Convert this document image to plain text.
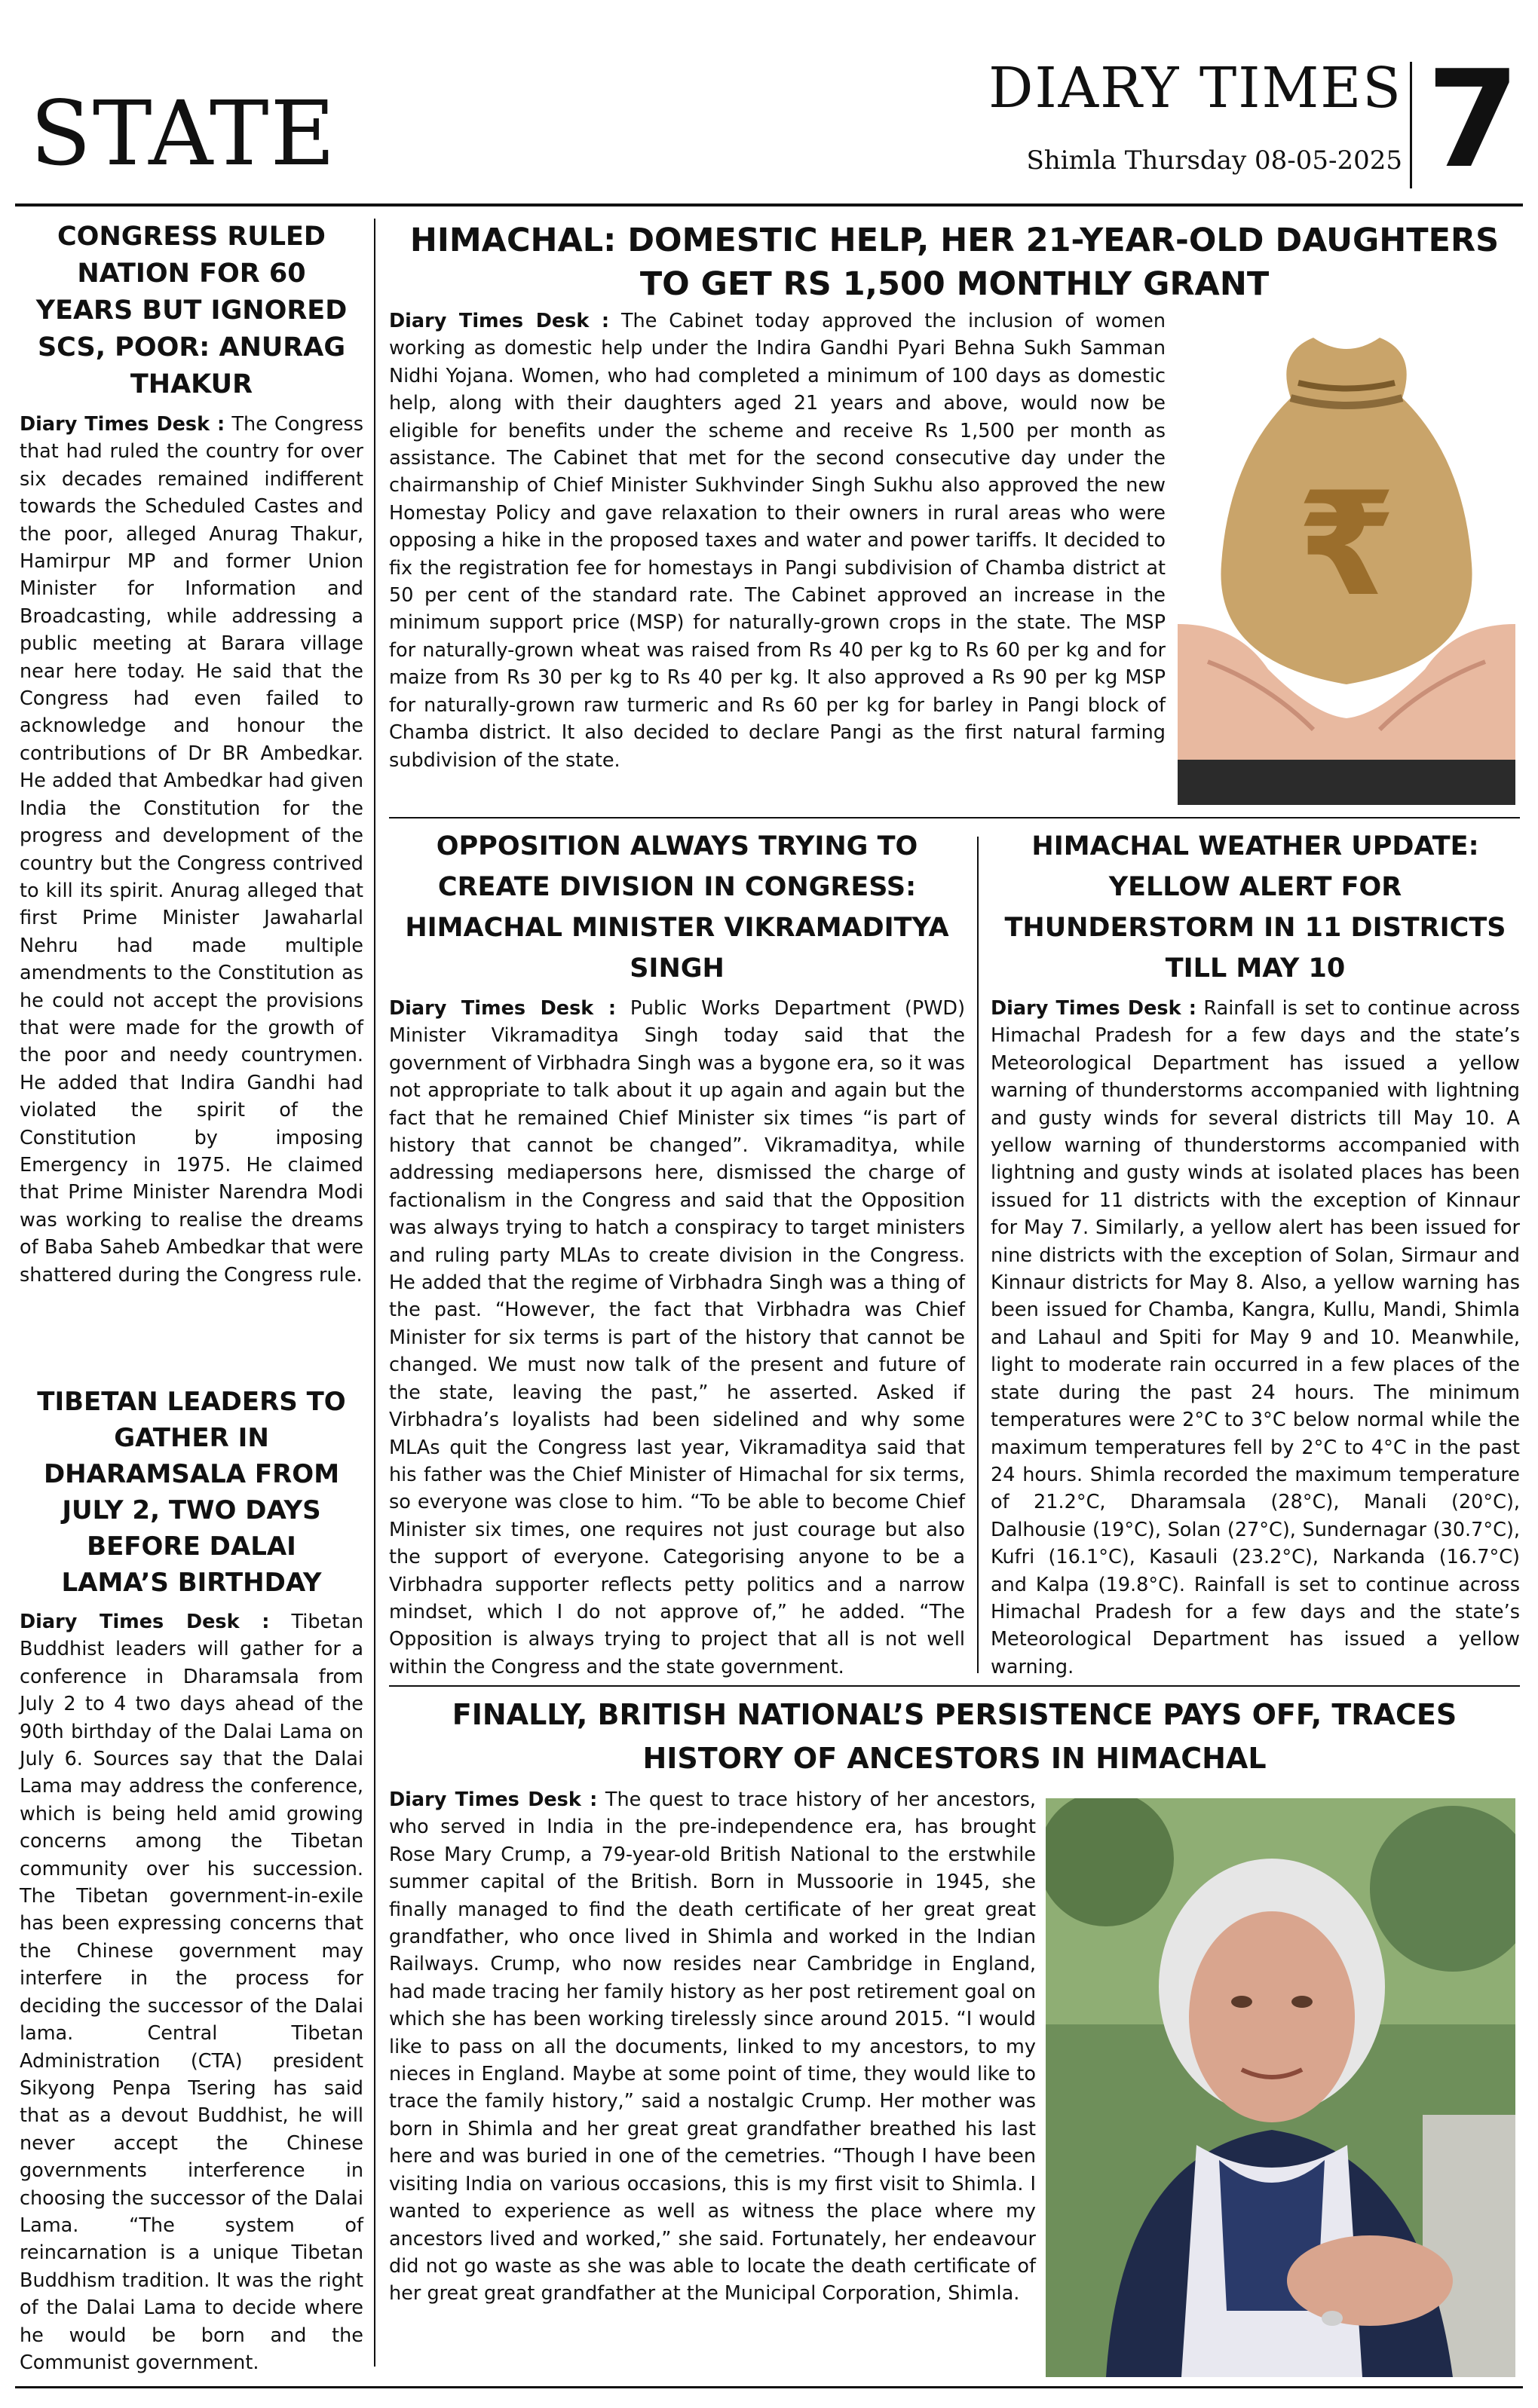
STATE	DIARY TIMES
Shimla Thursday 08-05-2025 7
CONGRESS RULED NATION FOR 60 YEARS BUT IGNORED SCS, POOR: ANURAG THAKUR

Diary Times Desk : The Congress that had ruled the country for over six decades remained indifferent towards the Scheduled Castes and the poor, alleged Anurag Thakur, Hamirpur MP and former Union Minister for Information and Broadcasting, while addressing a public meeting at Barara village near here today. He said that the Congress had even failed to acknowledge and honour the contributions of Dr BR Ambedkar. He added that Ambedkar had given India the Constitution for the progress and development of the country but the Congress contrived to kill its spirit. Anurag alleged that first Prime Minister Jawaharlal Nehru had made multiple amendments to the Constitution as he could not accept the provisions that were made for the growth of the poor and needy countrymen. He added that Indira Gandhi had violated the spirit of the Constitution by imposing Emergency in 1975. He claimed that Prime Minister Narendra Modi was working to realise the dreams of Baba Saheb Ambedkar that were shattered during the Congress rule.

TIBETAN LEADERS TO GATHER IN DHARAMSALA FROM JULY 2, TWO DAYS BEFORE DALAI LAMA’S BIRTHDAY

Diary Times Desk : Tibetan Buddhist leaders will gather for a conference in Dharamsala from July 2 to 4 two days ahead of the 90th birthday of the Dalai Lama on July 6. Sources say that the Dalai Lama may address the conference, which is being held amid growing concerns among the Tibetan community over his succession. The Tibetan government-in-exile has been expressing concerns that the Chinese government may interfere in the process for deciding the successor of the Dalai lama. Central Tibetan Administration (CTA) president Sikyong Penpa Tsering has said that as a devout Buddhist, he will never accept the Chinese governments interference in choosing the successor of the Dalai Lama. “The system of reincarnation is a unique Tibetan Buddhism tradition. It was the right of the Dalai Lama to decide where he would be born and the Communist government.

HIMACHAL: DOMESTIC HELP, HER 21-YEAR-OLD DAUGHTERS TO GET RS 1,500 MONTHLY GRANT

Diary Times Desk : The Cabinet today approved the inclusion of women working as domestic help under the Indira Gandhi Pyari Behna Sukh Samman Nidhi Yojana. Women, who had completed a minimum of 100 days as domestic help, along with their daughters aged 21 years and above, would now be eligible for benefits under the scheme and receive Rs 1,500 per month as assistance. The Cabinet that met for the second consecutive day under the chairmanship of Chief Minister Sukhvinder Singh Sukhu also approved the new Homestay Policy and gave relaxation to their owners in rural areas who were opposing a hike in the proposed taxes and water and power tariffs. It decided to fix the registration fee for homestays in Pangi subdivision of Chamba district at 50 per cent of the standard rate. The Cabinet approved an increase in the minimum support price (MSP) for naturally-grown crops in the state. The MSP for naturally-grown wheat was raised from Rs 40 per kg to Rs 60 per kg and for maize from Rs 30 per kg to Rs 40 per kg. It also approved a Rs 90 per kg MSP for naturally-grown raw turmeric and Rs 60 per kg for barley in Pangi block of Chamba district. It also decided to declare Pangi as the first natural farming subdivision of the state.

₹
OPPOSITION ALWAYS TRYING TO CREATE DIVISION IN CONGRESS: HIMACHAL MINISTER VIKRAMADITYA SINGH

Diary Times Desk : Public Works Department (PWD) Minister Vikramaditya Singh today said that the government of Virbhadra Singh was a bygone era, so it was not appropriate to talk about it up again and again but the fact that he remained Chief Minister six times “is part of history that cannot be changed”. Vikramaditya, while addressing mediapersons here, dismissed the charge of factionalism in the Congress and said that the Opposition was always trying to hatch a conspiracy to target ministers and ruling party MLAs to create division in the Congress. He added that the regime of Virbhadra Singh was a thing of the past. “However, the fact that Virbhadra was Chief Minister for six terms is part of the history that cannot be changed. We must now talk of the present and future of the state, leaving the past,” he asserted. Asked if Virbhadra’s loyalists had been sidelined and why some MLAs quit the Congress last year, Vikramaditya said that his father was the Chief Minister of Himachal for six terms, so everyone was close to him. “To be able to become Chief Minister six times, one requires not just courage but also the support of everyone. Categorising anyone to be a Virbhadra supporter reflects petty politics and a narrow mindset, which I do not approve of,” he added. “The Opposition is always trying to project that all is not well within the Congress and the state government.

HIMACHAL WEATHER UPDATE: YELLOW ALERT FOR THUNDERSTORM IN 11 DISTRICTS TILL MAY 10

Diary Times Desk : Rainfall is set to continue across Himachal Pradesh for a few days and the state’s Meteorological Department has issued a yellow warning of thunderstorms accompanied with lightning and gusty winds for several districts till May 10. A yellow warning of thunderstorms accompanied with lightning and gusty winds at isolated places has been issued for 11 districts with the exception of Kinnaur for May 7. Similarly, a yellow alert has been issued for nine districts with the exception of Solan, Sirmaur and Kinnaur districts for May 8. Also, a yellow warning has been issued for Chamba, Kangra, Kullu, Mandi, Shimla and Lahaul and Spiti for May 9 and 10. Meanwhile, light to moderate rain occurred in a few places of the state during the past 24 hours. The minimum temperatures were 2°C to 3°C below normal while the maximum temperatures fell by 2°C to 4°C in the past 24 hours. Shimla recorded the maximum temperature of 21.2°C, Dharamsala (28°C), Manali (20°C), Dalhousie (19°C), Solan (27°C), Sundernagar (30.7°C), Kufri (16.1°C), Kasauli (23.2°C), Narkanda (16.7°C) and Kalpa (19.8°C). Rainfall is set to continue across Himachal Pradesh for a few days and the state’s Meteorological Department has issued a yellow warning.

FINALLY, BRITISH NATIONAL’S PERSISTENCE PAYS OFF, TRACES HISTORY OF ANCESTORS IN HIMACHAL

Diary Times Desk : The quest to trace history of her ancestors, who served in India in the pre-independence era, has brought Rose Mary Crump, a 79-year-old British National to the erstwhile summer capital of the British. Born in Mussoorie in 1945, she finally managed to find the death certificate of her great great grandfather, who once lived in Shimla and worked in the Indian Railways. Crump, who now resides near Cambridge in England, had made tracing her family history as her post retirement goal on which she has been working tirelessly since around 2015. “I would like to pass on all the documents, linked to my ancestors, to my nieces in England. Maybe at some point of time, they would like to trace the family history,” said a nostalgic Crump. Her mother was born in Shimla and her great great grandfather breathed his last here and was buried in one of the cemetries. “Though I have been visiting India on various occasions, this is my first visit to Shimla. I wanted to experience as well as witness the place where my ancestors lived and worked,” she said. Fortunately, her endeavour did not go waste as she was able to locate the death certificate of her great great grandfather at the Municipal Corporation, Shimla.
